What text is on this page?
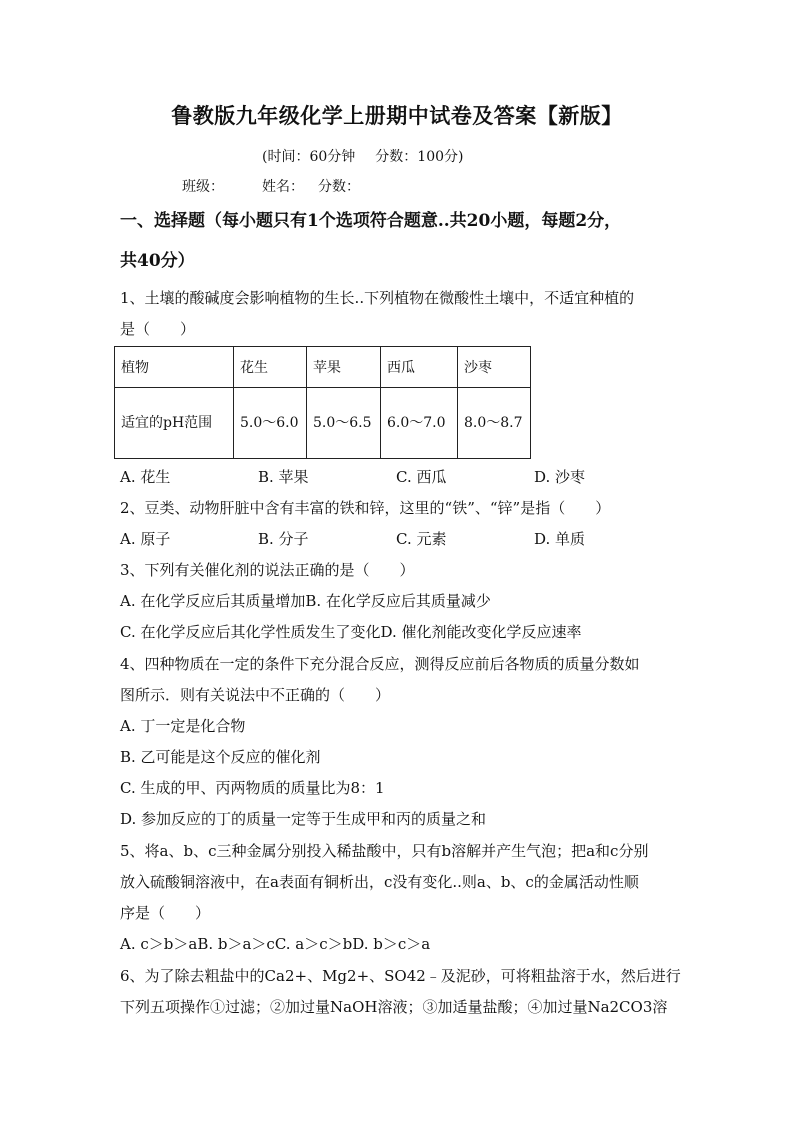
鲁教版九年级化学上册期中试卷及答案【新版】
(时间：60分钟 分数：100分)
班级：	姓名： 分数：
一、选择题（每小题只有1个选项符合题意..共20小题，每题2分，
共40分）
1、土壤的酸碱度会影响植物的生长..下列植物在微酸性土壤中，不适宜种植的
是（　　）
植物	花生	苹果	西瓜	沙枣
适宜的pH范围	5.0～6.0	5.0～6.5	6.0～7.0	8.0～8.7
A. 花生	B. 苹果	C. 西瓜	D. 沙枣
2、豆类、动物肝脏中含有丰富的铁和锌，这里的“铁”、“锌”是指（　　）
A. 原子	B. 分子	C. 元素	D. 单质
3、下列有关催化剂的说法正确的是（　　）
A. 在化学反应后其质量增加B. 在化学反应后其质量减少
C. 在化学反应后其化学性质发生了变化D. 催化剂能改变化学反应速率
4、四种物质在一定的条件下充分混合反应，测得反应前后各物质的质量分数如
图所示．则有关说法中不正确的（　　）
A. 丁一定是化合物
B. 乙可能是这个反应的催化剂
C. 生成的甲、丙两物质的质量比为8：1
D. 参加反应的丁的质量一定等于生成甲和丙的质量之和
5、将a、b、c三种金属分别投入稀盐酸中，只有b溶解并产生气泡；把a和c分别
放入硫酸铜溶液中，在a表面有铜析出，c没有变化..则a、b、c的金属活动性顺
序是（　　）
A. c＞b＞aB. b＞a＞cC. a＞c＞bD. b＞c＞a
6、为了除去粗盐中的Ca2+、Mg2+、SO42﹣及泥砂，可将粗盐溶于水，然后进行
下列五项操作①过滤；②加过量NaOH溶液；③加适量盐酸；④加过量Na2CO3溶
